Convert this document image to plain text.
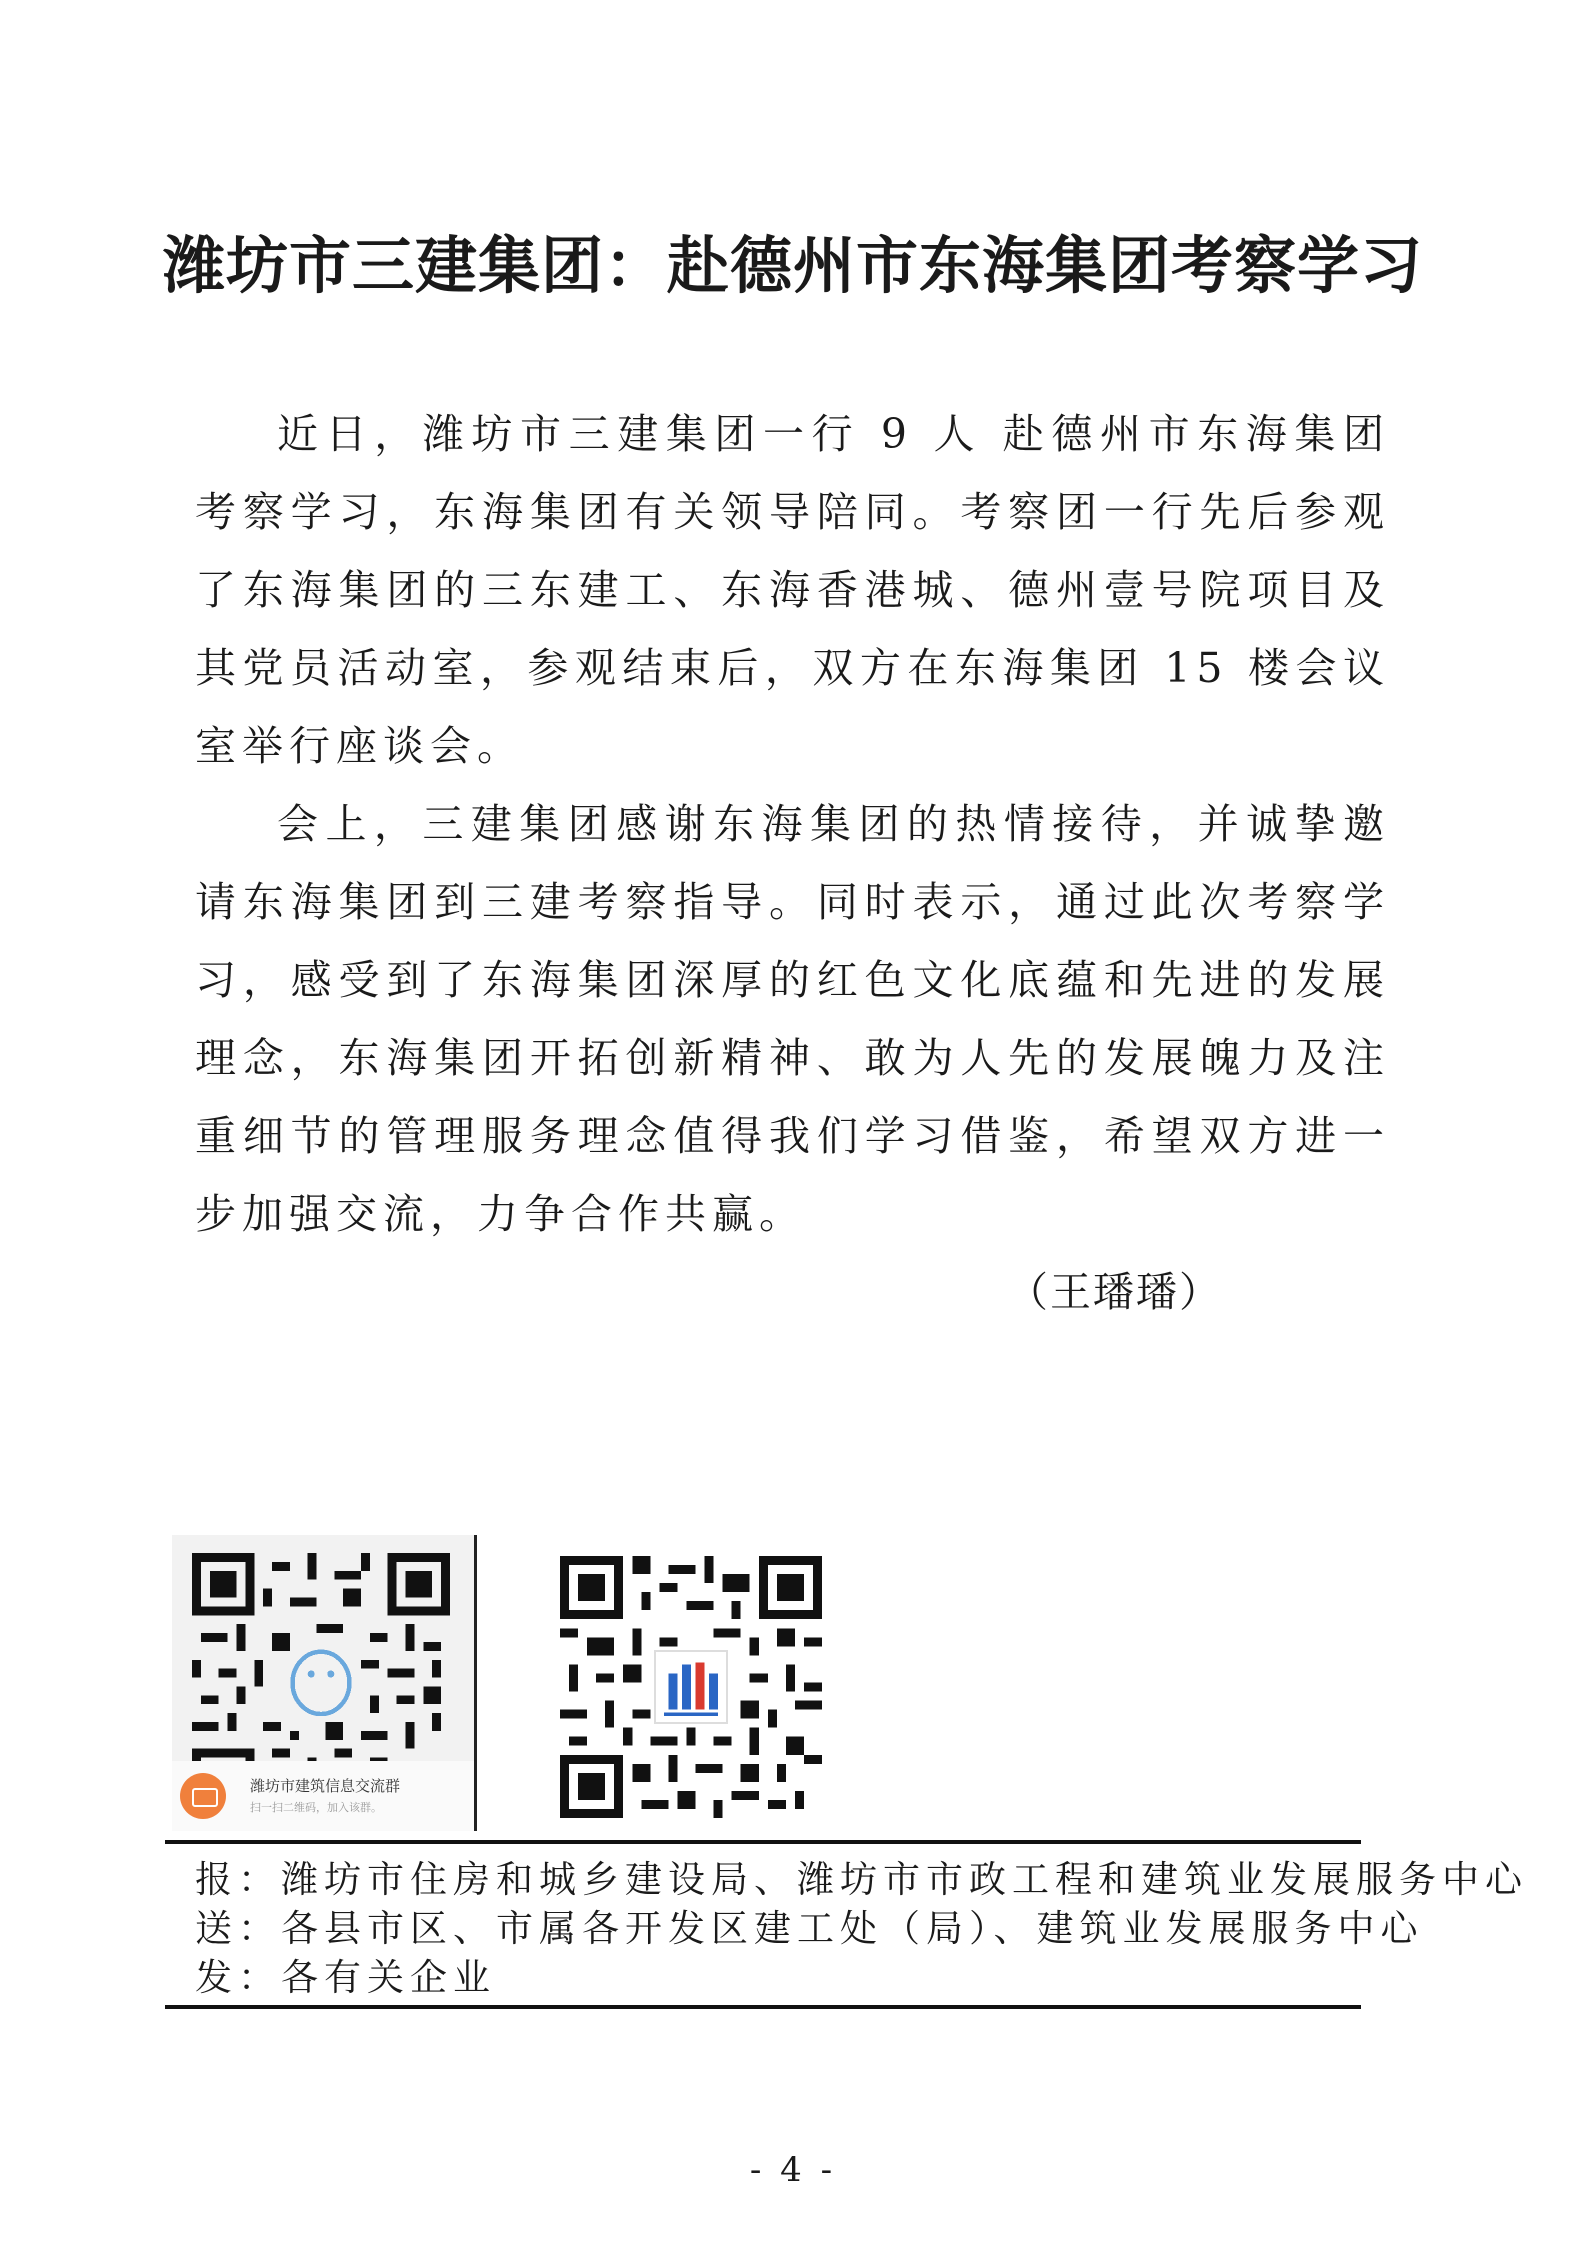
潍坊市三建集团：赴德州市东海集团考察学习

近日，潍坊市三建集团一行 9 人 赴德州市东海集团考察学习，东海集团有关领导陪同。考察团一行先后参观了东海集团的三东建工、东海香港城、德州壹号院项目及其党员活动室，参观结束后，双方在东海集团 15 楼会议室举行座谈会。

会上，三建集团感谢东海集团的热情接待，并诚挚邀请东海集团到三建考察指导。同时表示，通过此次考察学习，感受到了东海集团深厚的红色文化底蕴和先进的发展理念，东海集团开拓创新精神、敢为人先的发展魄力及注重细节的管理服务理念值得我们学习借鉴，希望双方进一步加强交流，力争合作共赢。

（王璠璠）

潍坊市建筑信息交流群
扫一扫二维码，加入该群。
报：潍坊市住房和城乡建设局、潍坊市市政工程和建筑业发展服务中心
送：各县市区、市属各开发区建工处（局）、建筑业发展服务中心
发：各有关企业
- 4 -
